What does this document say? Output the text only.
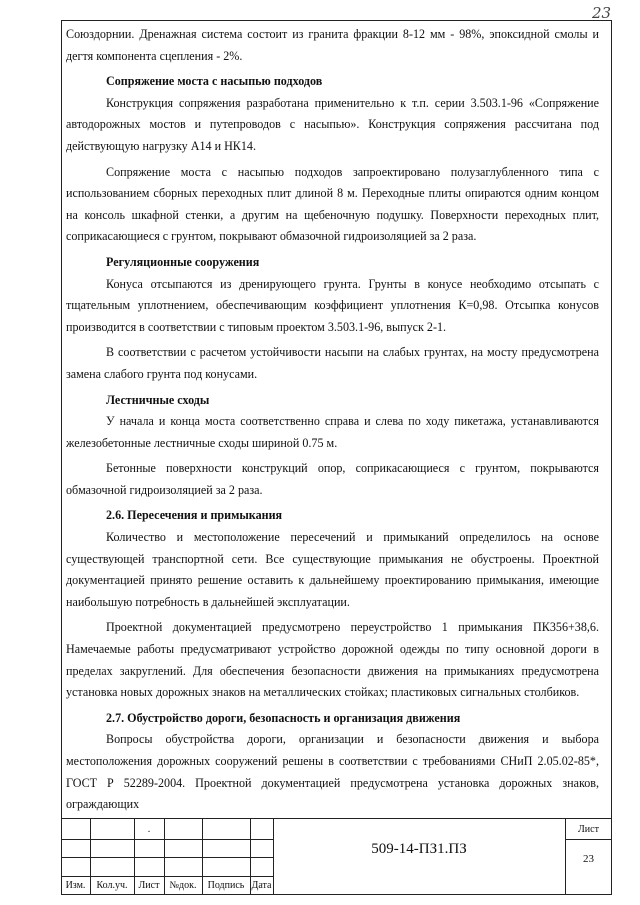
23

Союздорнии. Дренажная система состоит из гранита фракции 8-12 мм - 98%, эпоксидной смолы и дегтя компонента сцепления - 2%.

Сопряжение моста с насыпью подходов

Конструкция сопряжения разработана применительно к т.п. серии 3.503.1-96 «Сопряжение автодорожных мостов и путепроводов с насыпью». Конструкция сопряжения рассчитана под действующую нагрузку А14 и НК14.

Сопряжение моста с насыпью подходов запроектировано полузаглубленного типа с использованием сборных переходных плит длиной 8 м. Переходные плиты опираются одним концом на консоль шкафной стенки, а другим на щебеночную подушку. Поверхности переходных плит, соприкасающиеся с грунтом, покрывают обмазочной гидроизоляцией за 2 раза.

Регуляционные сооружения

Конуса отсыпаются из дренирующего грунта. Грунты в конусе необходимо отсыпать с тщательным уплотнением, обеспечивающим коэффициент уплотнения К=0,98. Отсыпка конусов производится в соответствии с типовым проектом 3.503.1-96, выпуск 2-1.

В соответствии с расчетом устойчивости насыпи на слабых грунтах, на мосту предусмотрена замена слабого грунта под конусами.

Лестничные сходы

У начала и конца моста соответственно справа и слева по ходу пикетажа, устанавливаются железобетонные лестничные сходы шириной 0.75 м.

Бетонные поверхности конструкций опор, соприкасающиеся с грунтом, покрываются обмазочной гидроизоляцией за 2 раза.

2.6. Пересечения и примыкания

Количество и местоположение пересечений и примыканий определилось на основе существующей транспортной сети. Все существующие примыкания не обустроены. Проектной документацией принято решение оставить к дальнейшему проектированию примыкания, имеющие наибольшую потребность в дальнейшей эксплуатации.

Проектной документацией предусмотрено переустройство 1 примыкания ПК356+38,6. Намечаемые работы предусматривают устройство дорожной одежды по типу основной дороги в пределах закруглений. Для обеспечения безопасности движения на примыканиях предусмотрена установка новых дорожных знаков на металлических стойках; пластиковых сигнальных столбиков.

2.7. Обустройство дороги, безопасность и организация движения

Вопросы обустройства дороги, организации и безопасности движения и выбора местоположения дорожных сооружений решены в соответствии с требованиями СНиП 2.05.02-85*, ГОСТ Р 52289-2004. Проектной документацией предусмотрена установка дорожных знаков, ограждающих

.
Изм.	Кол.уч.	Лист	№док.	Подпись Дата
509-14-ПЗ1.ПЗ
Лист
23
